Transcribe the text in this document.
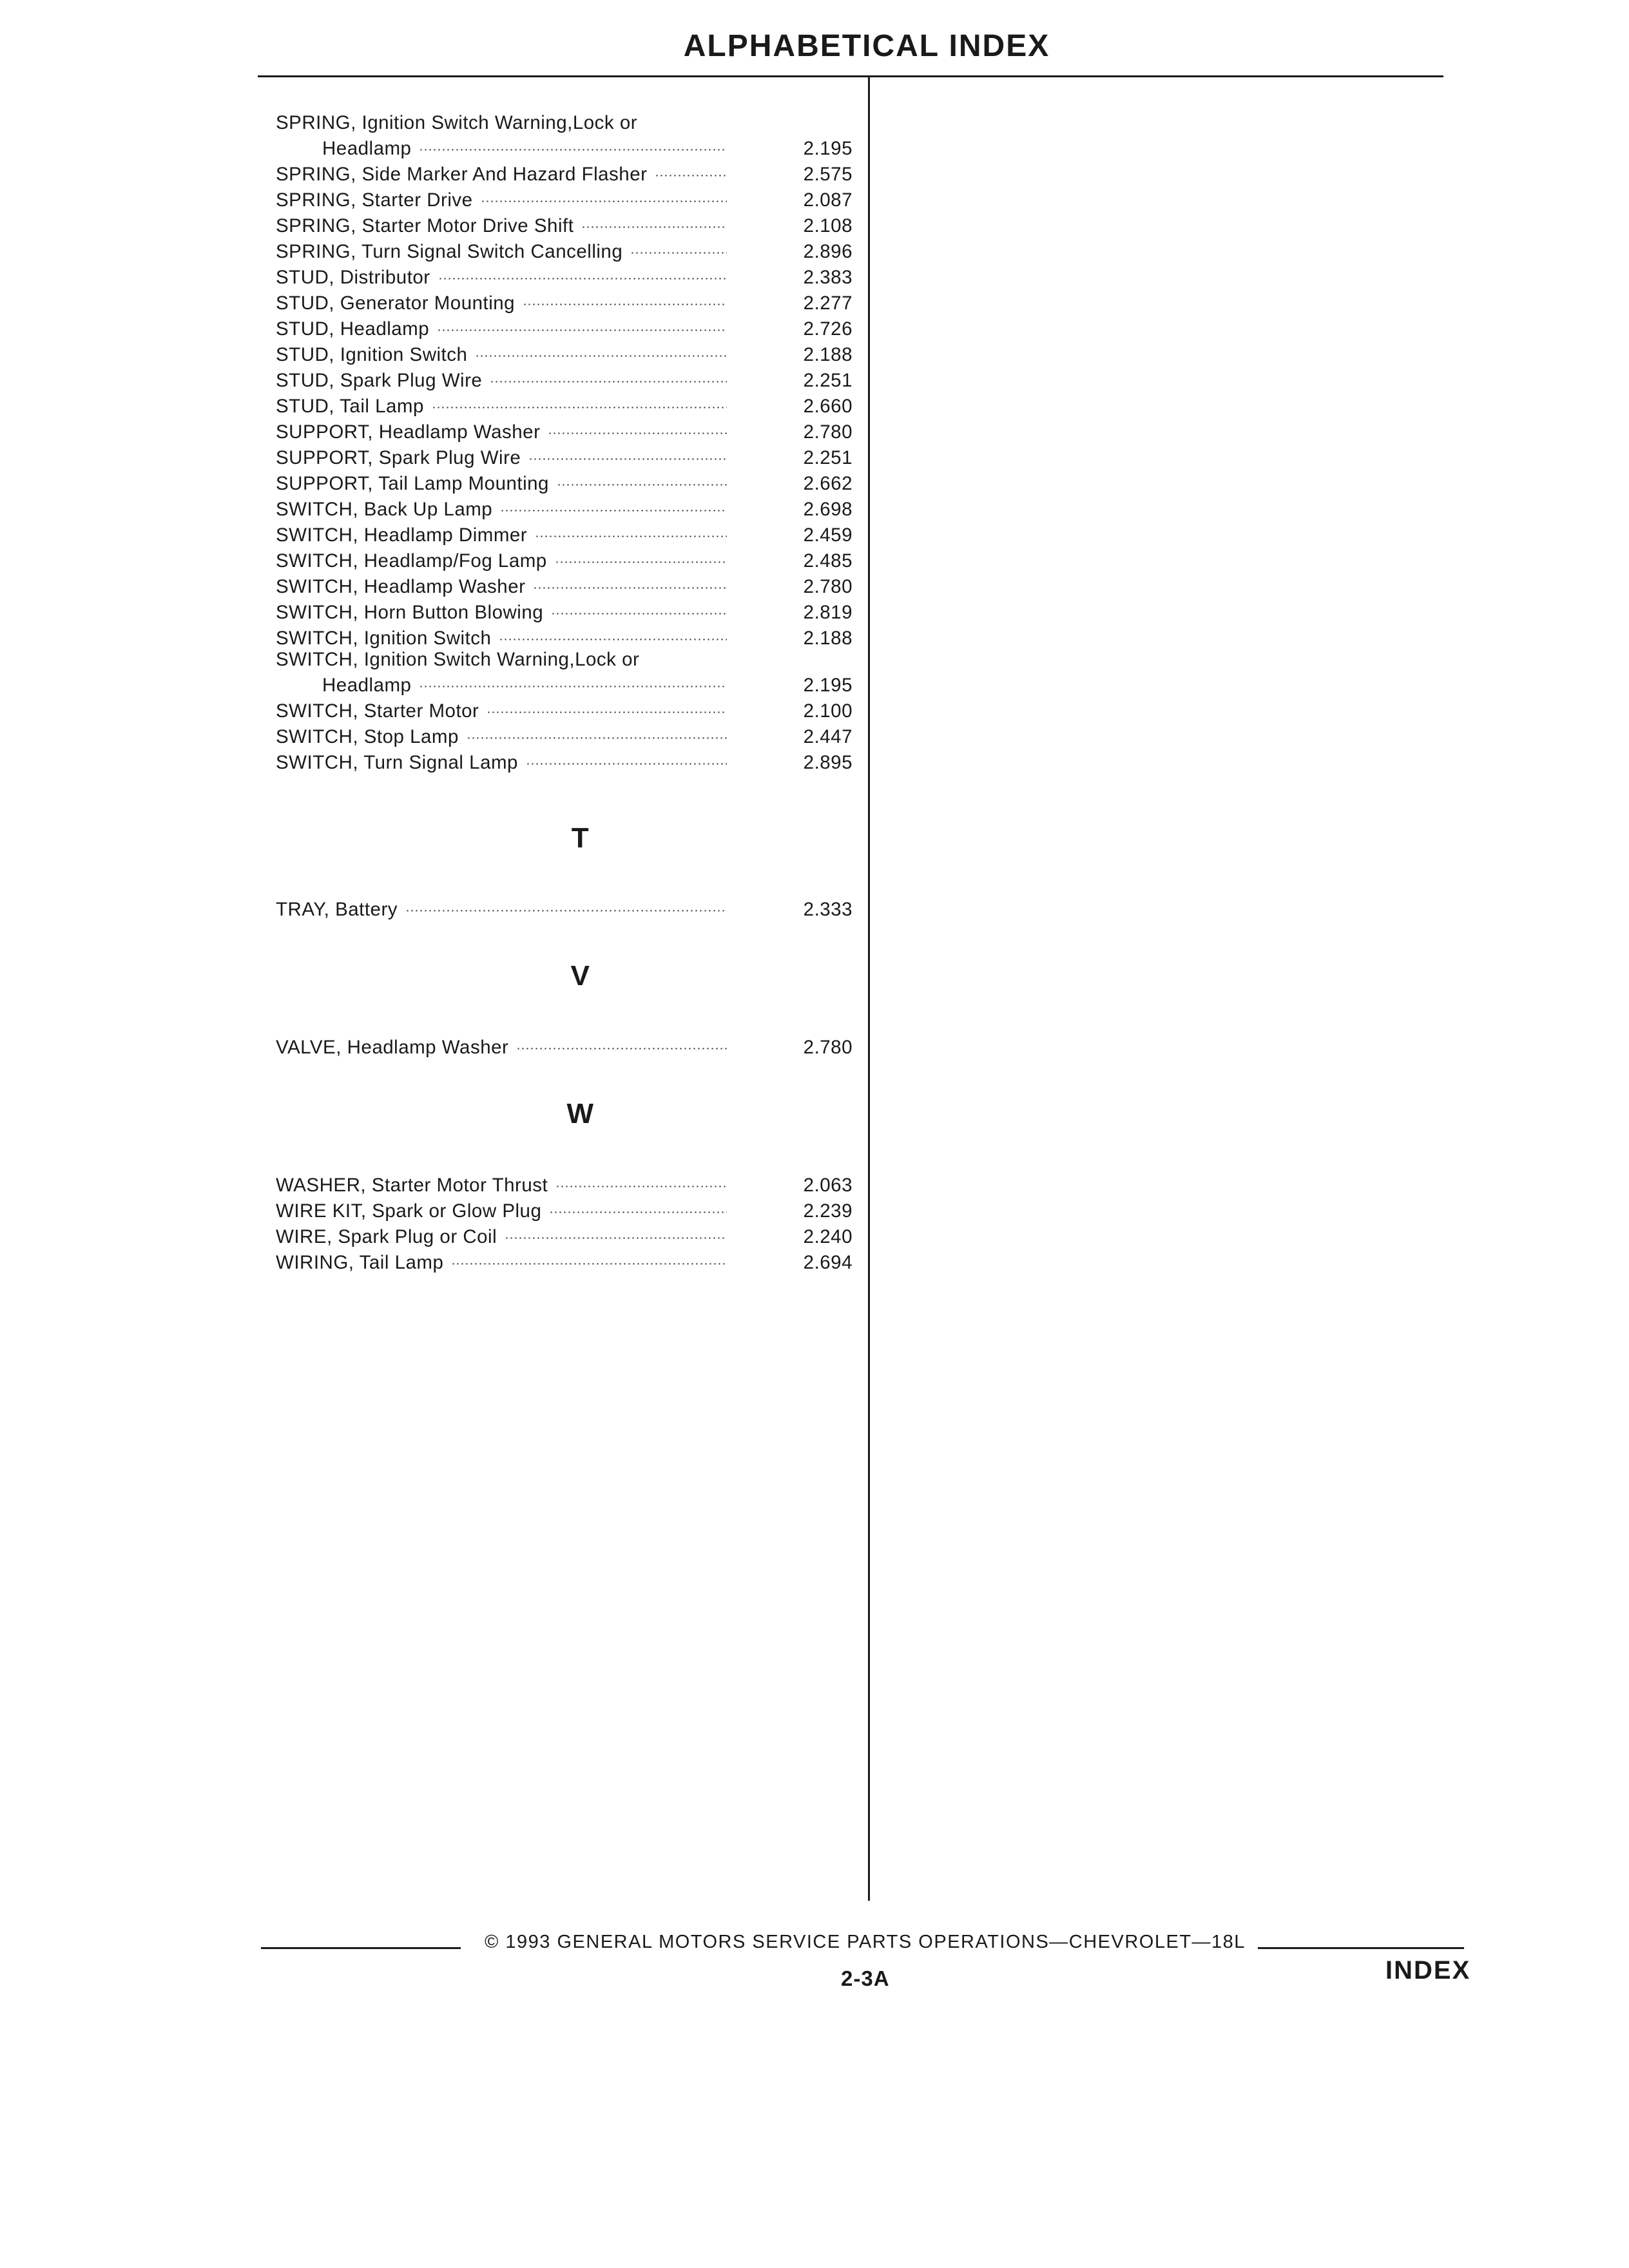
ALPHABETICAL INDEX
SPRING, Ignition Switch Warning,Lock or
Headlamp	2.195
SPRING, Side Marker And Hazard Flasher	2.575
SPRING, Starter Drive	2.087
SPRING, Starter Motor Drive Shift	2.108
SPRING, Turn Signal Switch Cancelling	2.896
STUD, Distributor	2.383
STUD, Generator Mounting	2.277
STUD, Headlamp	2.726
STUD, Ignition Switch	2.188
STUD, Spark Plug Wire	2.251
STUD, Tail Lamp	2.660
SUPPORT, Headlamp Washer	2.780
SUPPORT, Spark Plug Wire	2.251
SUPPORT, Tail Lamp Mounting	2.662
SWITCH, Back Up Lamp	2.698
SWITCH, Headlamp Dimmer	2.459
SWITCH, Headlamp/Fog Lamp	2.485
SWITCH, Headlamp Washer	2.780
SWITCH, Horn Button Blowing	2.819
SWITCH, Ignition Switch	2.188
SWITCH, Ignition Switch Warning,Lock or
Headlamp	2.195
SWITCH, Starter Motor	2.100
SWITCH, Stop Lamp	2.447
SWITCH, Turn Signal Lamp	2.895
T
TRAY, Battery	2.333
V
VALVE, Headlamp Washer	2.780
W
WASHER, Starter Motor Thrust	2.063
WIRE KIT, Spark or Glow Plug	2.239
WIRE, Spark Plug or Coil	2.240
WIRING, Tail Lamp	2.694
© 1993 GENERAL MOTORS SERVICE PARTS OPERATIONS—CHEVROLET—18L
2-3A	INDEX
